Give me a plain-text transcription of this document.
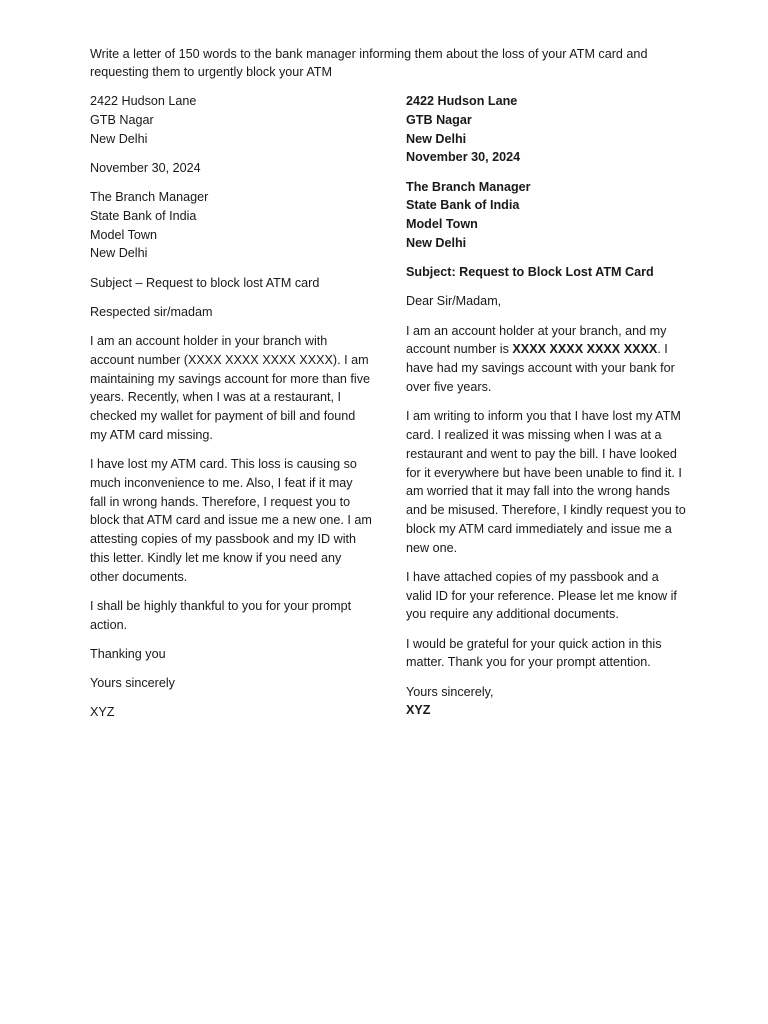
Write a letter of 150 words to the bank manager informing them about the loss of your ATM card and requesting them to urgently block your ATM
2422 Hudson Lane
GTB Nagar
New Delhi
November 30, 2024
The Branch Manager
State Bank of India
Model Town
New Delhi
Subject – Request to block lost ATM card
Respected sir/madam
I am an account holder in your branch with account number (XXXX XXXX XXXX XXXX). I am maintaining my savings account for more than five years. Recently, when I was at a restaurant, I checked my wallet for payment of bill and found my ATM card missing.
I have lost my ATM card. This loss is causing so much inconvenience to me. Also, I feat if it may fall in wrong hands. Therefore, I request you to block that ATM card and issue me a new one. I am attesting copies of my passbook and my ID with this letter. Kindly let me know if you need any other documents.
I shall be highly thankful to you for your prompt action.
Thanking you
Yours sincerely
XYZ
2422 Hudson Lane
GTB Nagar
New Delhi
November 30, 2024
The Branch Manager
State Bank of India
Model Town
New Delhi
Subject: Request to Block Lost ATM Card
Dear Sir/Madam,
I am an account holder at your branch, and my account number is XXXX XXXX XXXX XXXX. I have had my savings account with your bank for over five years.
I am writing to inform you that I have lost my ATM card. I realized it was missing when I was at a restaurant and went to pay the bill. I have looked for it everywhere but have been unable to find it. I am worried that it may fall into the wrong hands and be misused. Therefore, I kindly request you to block my ATM card immediately and issue me a new one.
I have attached copies of my passbook and a valid ID for your reference. Please let me know if you require any additional documents.
I would be grateful for your quick action in this matter. Thank you for your prompt attention.
Yours sincerely,
XYZ
